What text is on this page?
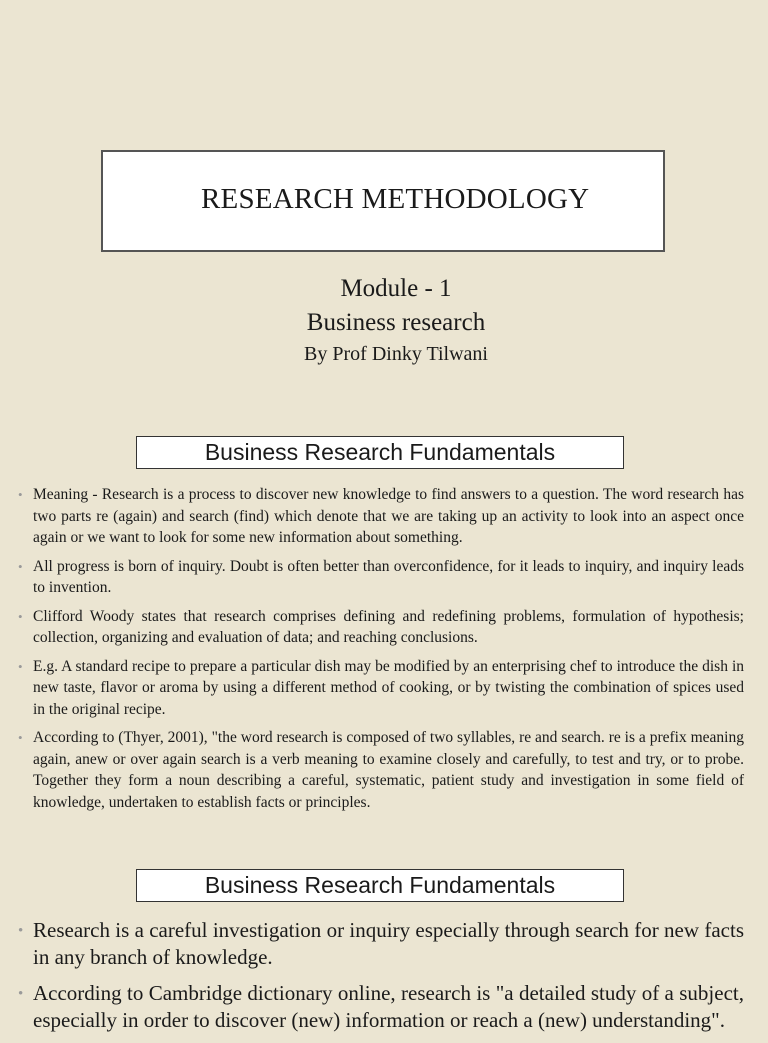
RESEARCH METHODOLOGY
Module - 1
Business research
By Prof Dinky Tilwani
Business Research Fundamentals
• Meaning - Research is a process to discover new knowledge to find answers to a question. The word research has two parts re (again) and search (find) which denote that we are taking up an activity to look into an aspect once again or we want to look for some new information about something.
• All progress is born of inquiry. Doubt is often better than overconfidence, for it leads to inquiry, and inquiry leads to invention.
• Clifford Woody states that research comprises defining and redefining problems, formulation of hypothesis; collection, organizing and evaluation of data; and reaching conclusions.
• E.g. A standard recipe to prepare a particular dish may be modified by an enterprising chef to introduce the dish in new taste, flavor or aroma by using a different method of cooking, or by twisting the combination of spices used in the original recipe.
• According to (Thyer, 2001), "the word research is composed of two syllables, re and search. re is a prefix meaning again, anew or over again search is a verb meaning to examine closely and carefully, to test and try, or to probe. Together they form a noun describing a careful, systematic, patient study and investigation in some field of knowledge, undertaken to establish facts or principles.
Business Research Fundamentals
• Research is a careful investigation or inquiry especially through search for new facts in any branch of knowledge.
• According to Cambridge dictionary online, research is "a detailed study of a subject, especially in order to discover (new) information or reach a (new) understanding".
